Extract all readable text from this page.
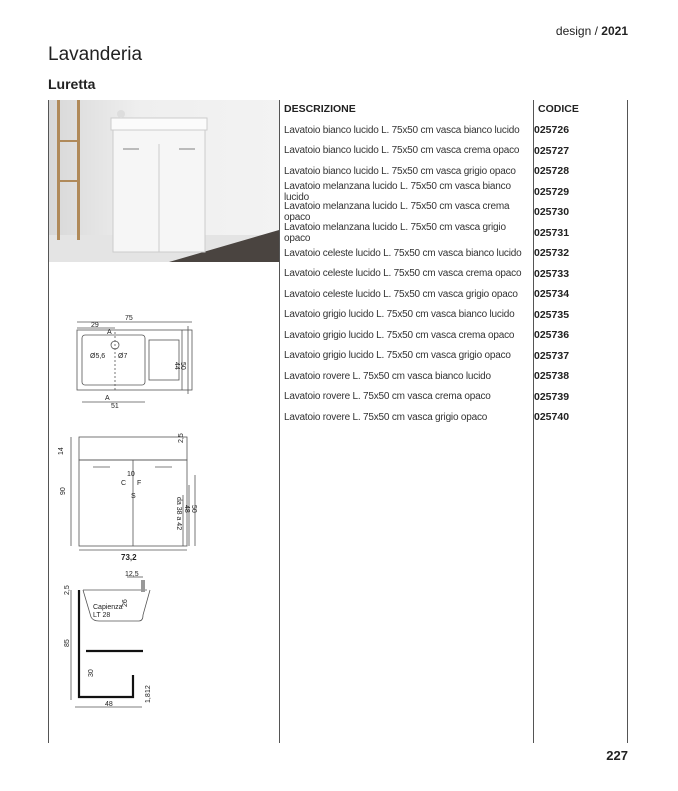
design / 2021
Lavanderia
Luretta
DESCRIZIONE	CODICE
Lavatoio bianco lucido L. 75x50 cm vasca bianco lucido	025726
Lavatoio bianco lucido L. 75x50 cm vasca crema opaco	025727
Lavatoio bianco lucido L. 75x50 cm vasca grigio opaco	025728
Lavatoio melanzana lucido L. 75x50 cm vasca bianco lucido	025729
Lavatoio melanzana lucido L. 75x50 cm vasca crema opaco	025730
Lavatoio melanzana lucido L. 75x50 cm vasca grigio opaco	025731
Lavatoio celeste lucido L. 75x50 cm vasca bianco lucido	025732
Lavatoio celeste lucido L. 75x50 cm vasca crema opaco	025733
Lavatoio celeste lucido L. 75x50 cm vasca grigio opaco	025734
Lavatoio grigio lucido L. 75x50 cm vasca bianco lucido	025735
Lavatoio grigio lucido L. 75x50 cm vasca crema opaco	025736
Lavatoio grigio lucido L. 75x50 cm vasca grigio opaco	025737
Lavatoio rovere L. 75x50 cm vasca bianco lucido	025738
Lavatoio rovere L. 75x50 cm vasca crema opaco	025739
Lavatoio rovere L. 75x50 cm vasca grigio opaco	025740
75
29
A
Ø5,6 Ø7
44 50
A
51
14
90
2,5
10
C F
S
da 38 a 42 48 50
73,2
12,5
2,5
26
Capienza
LT 28
85
30
12
1,8
48
227
